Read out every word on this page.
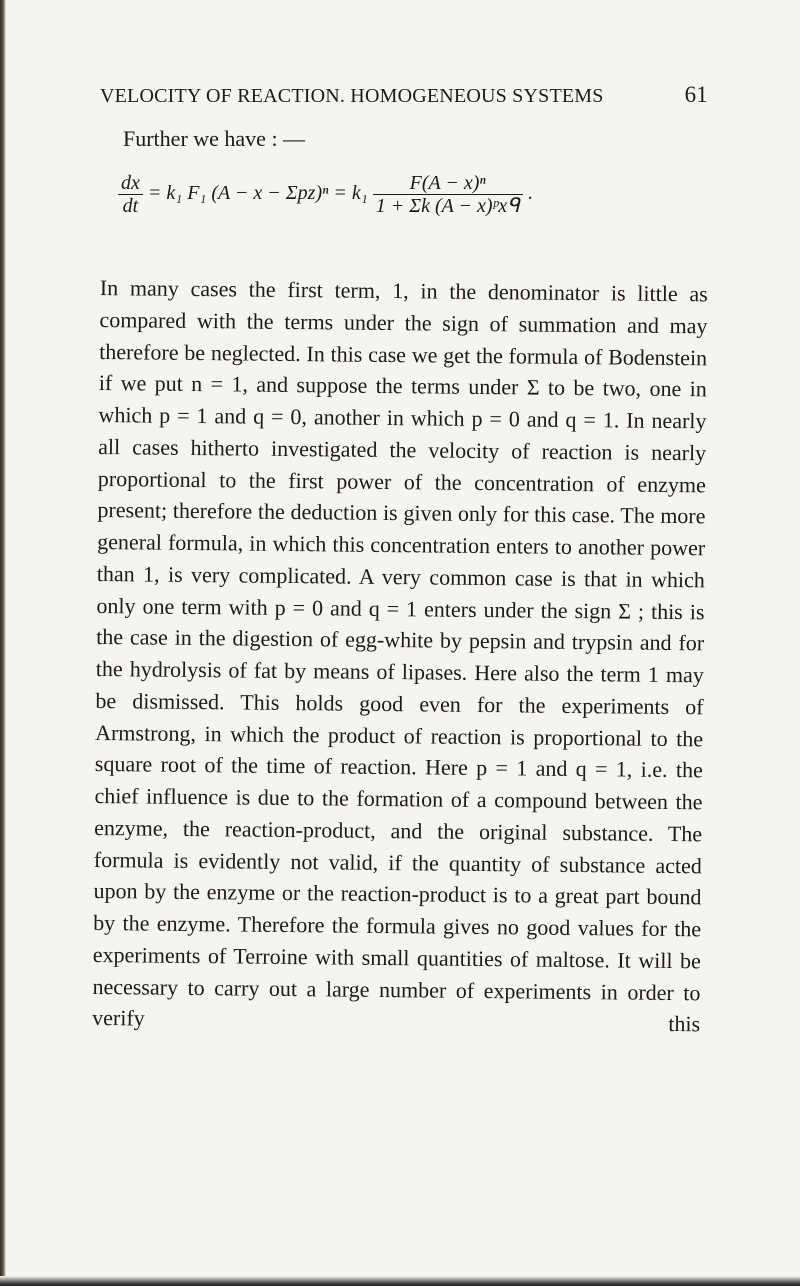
VELOCITY OF REACTION. HOMOGENEOUS SYSTEMS	61
Further we have : —
$\frac{dx}{dt} = k_1$ F₁ $(A - x - \Sigma pz)^n = k_1 \frac{\text{F(A − x)ⁿ}}{\text{1 + Σk (A − x)ᵖxᑫ}}$ .

In many cases the first term, 1, in the denominator is little as compared with the terms under the sign of summation and may therefore be neglected. In this case we get the formula of Bodenstein if we put n = 1, and suppose the terms under Σ to be two, one in which p = 1 and q = 0, another in which p = 0 and q = 1. In nearly all cases hitherto investigated the velocity of reaction is nearly proportional to the first power of the concentration of enzyme present; therefore the deduction is given only for this case. The more general formula, in which this concentration enters to another power than 1, is very complicated. A very common case is that in which only one term with p = 0 and q = 1 enters under the sign Σ ; this is the case in the digestion of egg-white by pepsin and trypsin and for the hydrolysis of fat by means of lipases. Here also the term 1 may be dismissed. This holds good even for the experiments of Armstrong, in which the product of reaction is proportional to the square root of the time of reaction. Here p = 1 and q = 1, i.e. the chief influence is due to the formation of a compound between the enzyme, the reaction-product, and the original substance. The formula is evidently not valid, if the quantity of substance acted upon by the enzyme or the reaction-product is to a great part bound by the enzyme. Therefore the formula gives no good values for the experiments of Terroine with small quantities of maltose. It will be necessary to carry out a large number of experiments in order to verify this
